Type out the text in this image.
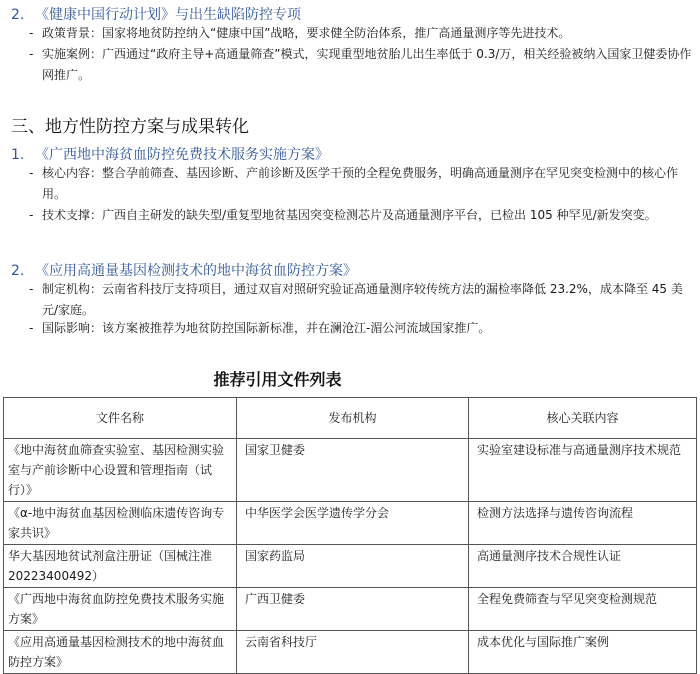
2. 《健康中国行动计划》与出生缺陷防控专项
- 政策背景：国家将地贫防控纳入“健康中国”战略，要求健全防治体系，推广高通量测序等先进技术。
- 实施案例：广西通过“政府主导+高通量筛查”模式，实现重型地贫胎儿出生率低于 0.3/万，相关经验被纳入国家卫健委协作网推广。
三、地方性防控方案与成果转化
1. 《广西地中海贫血防控免费技术服务实施方案》
- 核心内容：整合孕前筛查、基因诊断、产前诊断及医学干预的全程免费服务，明确高通量测序在罕见突变检测中的核心作用。
- 技术支撑：广西自主研发的缺失型/重复型地贫基因突变检测芯片及高通量测序平台，已检出 105 种罕见/新发突变。
2. 《应用高通量基因检测技术的地中海贫血防控方案》
- 制定机构：云南省科技厅支持项目，通过双盲对照研究验证高通量测序较传统方法的漏检率降低 23.2%，成本降至 45 美元/家庭。
- 国际影响：该方案被推荐为地贫防控国际新标准，并在澜沧江-湄公河流域国家推广。
推荐引用文件列表
文件名称	发布机构	核心关联内容
《地中海贫血筛查实验室、基因检测实验室与产前诊断中心设置和管理指南（试行）》	国家卫健委	实验室建设标准与高通量测序技术规范
《α-地中海贫血基因检测临床遗传咨询专家共识》	中华医学会医学遗传学分会	检测方法选择与遗传咨询流程
华大基因地贫试剂盒注册证（国械注准 20223400492）	国家药监局	高通量测序技术合规性认证
《广西地中海贫血防控免费技术服务实施方案》	广西卫健委	全程免费筛查与罕见突变检测规范
《应用高通量基因检测技术的地中海贫血防控方案》	云南省科技厅	成本优化与国际推广案例
